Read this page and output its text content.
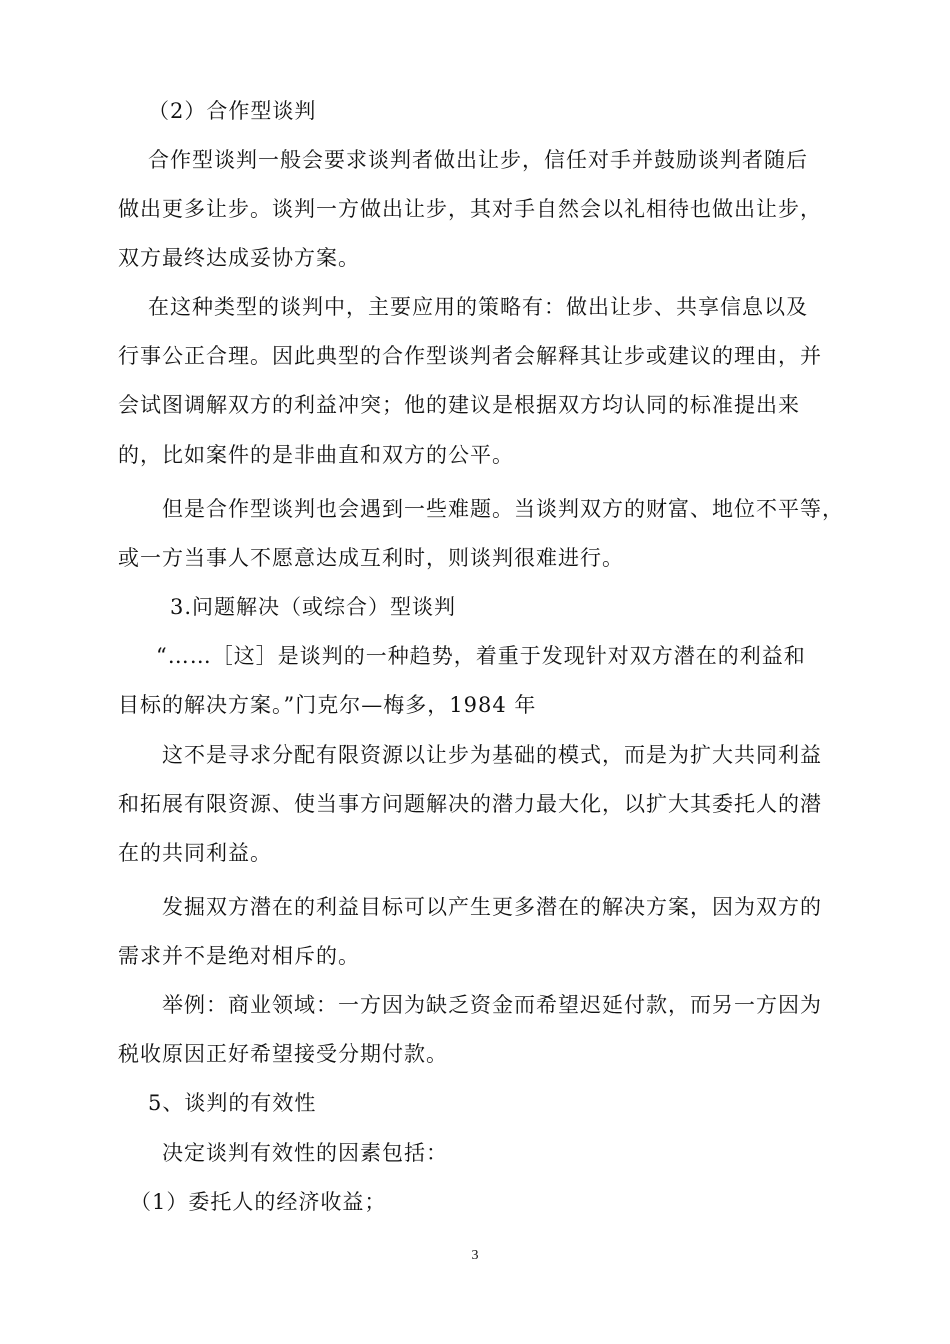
（2）合作型谈判
合作型谈判一般会要求谈判者做出让步，信任对手并鼓励谈判者随后
做出更多让步。谈判一方做出让步，其对手自然会以礼相待也做出让步，
双方最终达成妥协方案。
在这种类型的谈判中，主要应用的策略有：做出让步、共享信息以及
行事公正合理。因此典型的合作型谈判者会解释其让步或建议的理由，并
会试图调解双方的利益冲突；他的建议是根据双方均认同的标准提出来
的，比如案件的是非曲直和双方的公平。
但是合作型谈判也会遇到一些难题。当谈判双方的财富、地位不平等，
或一方当事人不愿意达成互利时，则谈判很难进行。
3.问题解决（或综合）型谈判
“……［这］是谈判的一种趋势，着重于发现针对双方潜在的利益和
目标的解决方案。”门克尔—梅多，1984 年
这不是寻求分配有限资源以让步为基础的模式，而是为扩大共同利益
和拓展有限资源、使当事方问题解决的潜力最大化，以扩大其委托人的潜
在的共同利益。
发掘双方潜在的利益目标可以产生更多潜在的解决方案，因为双方的
需求并不是绝对相斥的。
举例：商业领域：一方因为缺乏资金而希望迟延付款，而另一方因为
税收原因正好希望接受分期付款。
5、谈判的有效性
决定谈判有效性的因素包括：
（1）委托人的经济收益；
3
